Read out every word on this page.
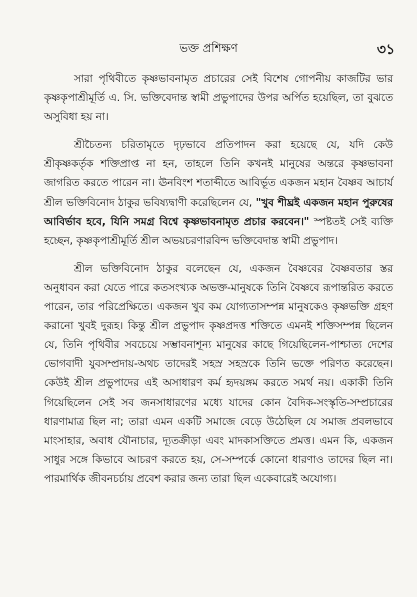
ভক্ত প্রশিক্ষণ	৩১

সারা পৃথিবীতে কৃষ্ণভাবনামৃত প্রচারের সেই বিশেষ গোপনীয় কাজটির ভার কৃষ্ণকৃপাশ্রীমূর্তি এ. সি. ভক্তিবেদান্ত স্বামী প্রভুপাদের উপর অর্পিত হয়েছিল, তা বুঝতে অসুবিধা হয় না।

শ্রীচৈতন্য চরিতামৃতে দৃঢ়ভাবে প্রতিপাদন করা হয়েছে যে, যদি কেউ শ্রীকৃষ্ণকর্তৃক শক্তিপ্রাপ্ত না হন, তাহলে তিনি কখনই মানুষের অন্তরে কৃষ্ণভাবনা জাগরিত করতে পারেন না। ঊনবিংশ শতাব্দীতে আবির্ভূত একজন মহান বৈষ্ণব আচার্য শ্রীল ভক্তিবিনোদ ঠাকুর ভবিষ্যদ্বাণী করেছিলেন যে, "খুব শীঘ্রই একজন মহান পুরুষের আবির্ভাব হবে, যিনি সমগ্র বিশ্বে কৃষ্ণভাবনামৃত প্রচার করবেন।" স্পষ্টতই সেই ব্যক্তি হচ্ছেন, কৃষ্ণকৃপাশ্রীমূর্তি শ্রীল অভয়চরণারবিন্দ ভক্তিবেদান্ত স্বামী প্রভুপাদ।

শ্রীল ভক্তিবিনোদ ঠাকুর বলেছেন যে, একজন বৈষ্ণবের বৈষ্ণবতার স্তর অনুধাবন করা যেতে পারে কতসংখ্যক অভক্ত-মানুষকে তিনি বৈষ্ণবে রূপান্তরিত করতে পারেন, তার পরিপ্রেক্ষিতে। একজন খুব কম যোগ্যতাসম্পন্ন মানুষকেও কৃষ্ণভক্তি গ্রহণ করানো খুবই দুরূহ। কিন্তু শ্রীল প্রভুপাদ কৃষ্ণপ্রদত্ত শক্তিতে এমনই শক্তিসম্পন্ন ছিলেন যে, তিনি পৃথিবীর সবচেয়ে সম্ভাবনাশূন্য মানুষের কাছে গিয়েছিলেন-পাশ্চাত্য দেশের ভোগবাদী যুবসম্প্রদায়-অথচ তাদেরই সহস্র সহস্রকে তিনি ভক্তে পরিণত করেছেন। কেউই শ্রীল প্রভুপাদের এই অসাধারণ কর্ম হৃদয়ঙ্গম করতে সমর্থ নয়। একাকী তিনি গিয়েছিলেন সেই সব জনসাধারণের মধ্যে যাদের কোন বৈদিক-সংস্কৃতি-সম্প্রচারের ধারণামাত্র ছিল না; তারা এমন একটি সমাজে বেড়ে উঠেছিল যে সমাজ প্রবলভাবে মাংসাহার, অবাধ যৌনাচার, দ্যূতক্রীড়া এবং মাদকাসক্তিতে প্রমত্ত। এমন কি, একজন সাধুর সঙ্গে কিভাবে আচরণ করতে হয়, সে-সম্পর্কে কোনো ধারণাও তাদের ছিল না। পারমার্থিক জীবনচর্চায় প্রবেশ করার জন্য তারা ছিল একেবারেই অযোগ্য।
